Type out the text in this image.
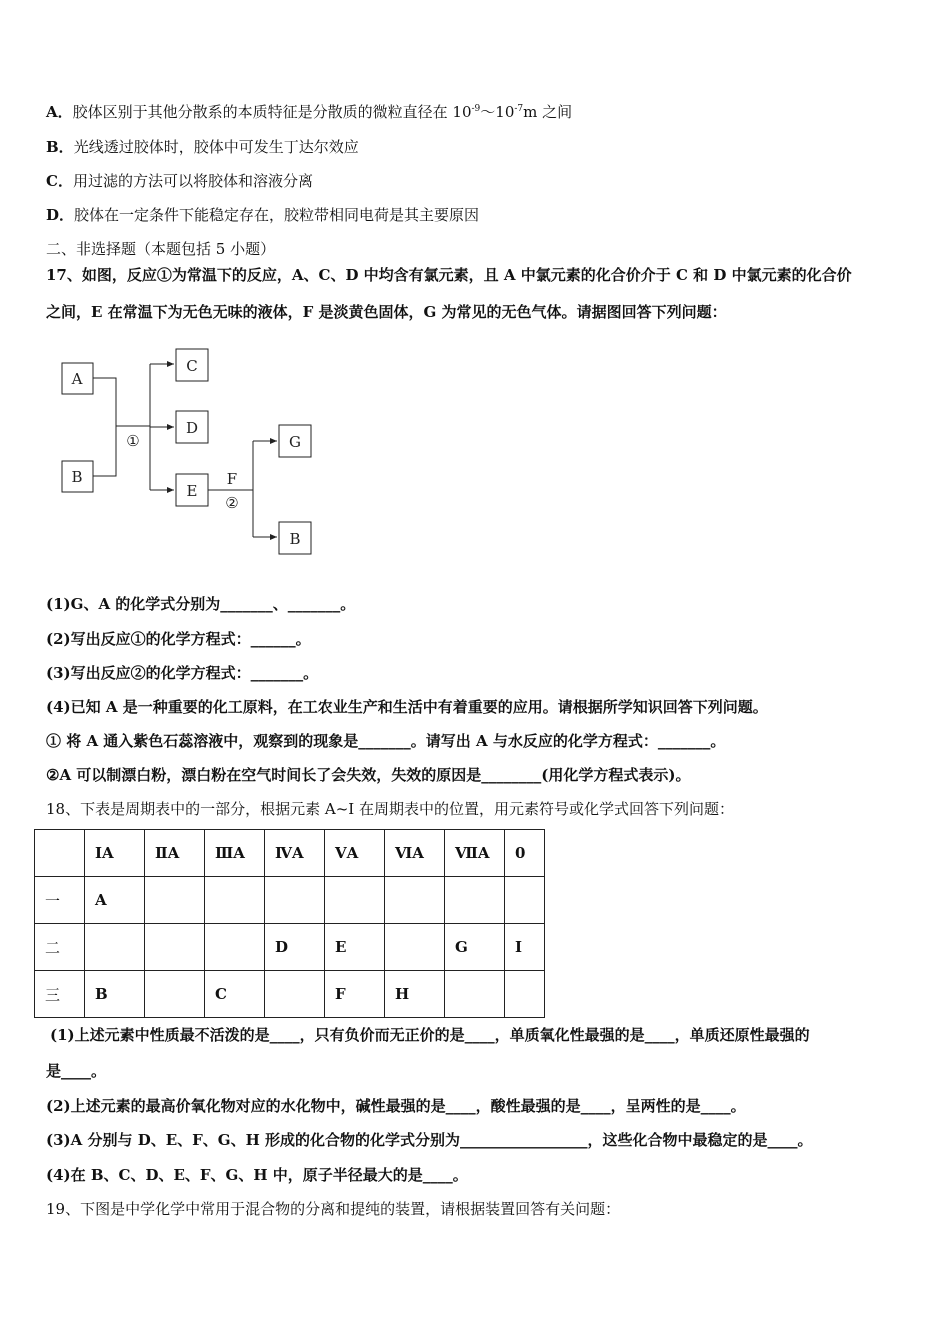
A．胶体区别于其他分散系的本质特征是分散质的微粒直径在 $10^{-9}\sim 10^{-7}m$ 之间
B．光线透过胶体时，胶体中可发生丁达尔效应
C．用过滤的方法可以将胶体和溶液分离
D．胶体在一定条件下能稳定存在，胶粒带相同电荷是其主要原因
二、非选择题（本题包括 5 小题）
17、如图，反应①为常温下的反应，A、C、D 中均含有氯元素，且 A 中氯元素的化合价介于 C 和 D 中氯元素的化合价
之间，E 在常温下为无色无味的液体，F 是淡黄色固体，G 为常见的无色气体。请据图回答下列问题：
A
B
C
D
E
G
B
①
F
②
(1)G、A 的化学式分别为_______、_______。
(2)写出反应①的化学方程式：______。
(3)写出反应②的化学方程式：_______。
(4)已知 A 是一种重要的化工原料，在工农业生产和生活中有着重要的应用。请根据所学知识回答下列问题。
① 将 A 通入紫色石蕊溶液中，观察到的现象是_______。请写出 A 与水反应的化学方程式：_______。
②A 可以制漂白粉，漂白粉在空气时间长了会失效，失效的原因是________(用化学方程式表示)。
18、下表是周期表中的一部分，根据元素 A~I 在周期表中的位置，用元素符号或化学式回答下列问题：
	ⅠA	ⅡA	ⅢA	ⅣA	ⅤA	ⅥA	ⅦA	0
一	A							
二				D	E		G	I
三	B		C		F	H		
(1)上述元素中性质最不活泼的是____，只有负价而无正价的是____，单质氧化性最强的是____，单质还原性最强的
是____。
(2)上述元素的最高价氧化物对应的水化物中，碱性最强的是____，酸性最强的是____，呈两性的是____。
(3)A 分别与 D、E、F、G、H 形成的化合物的化学式分别为_________________，这些化合物中最稳定的是____。
(4)在 B、C、D、E、F、G、H 中，原子半径最大的是____。
19、下图是中学化学中常用于混合物的分离和提纯的装置，请根据装置回答有关问题：
